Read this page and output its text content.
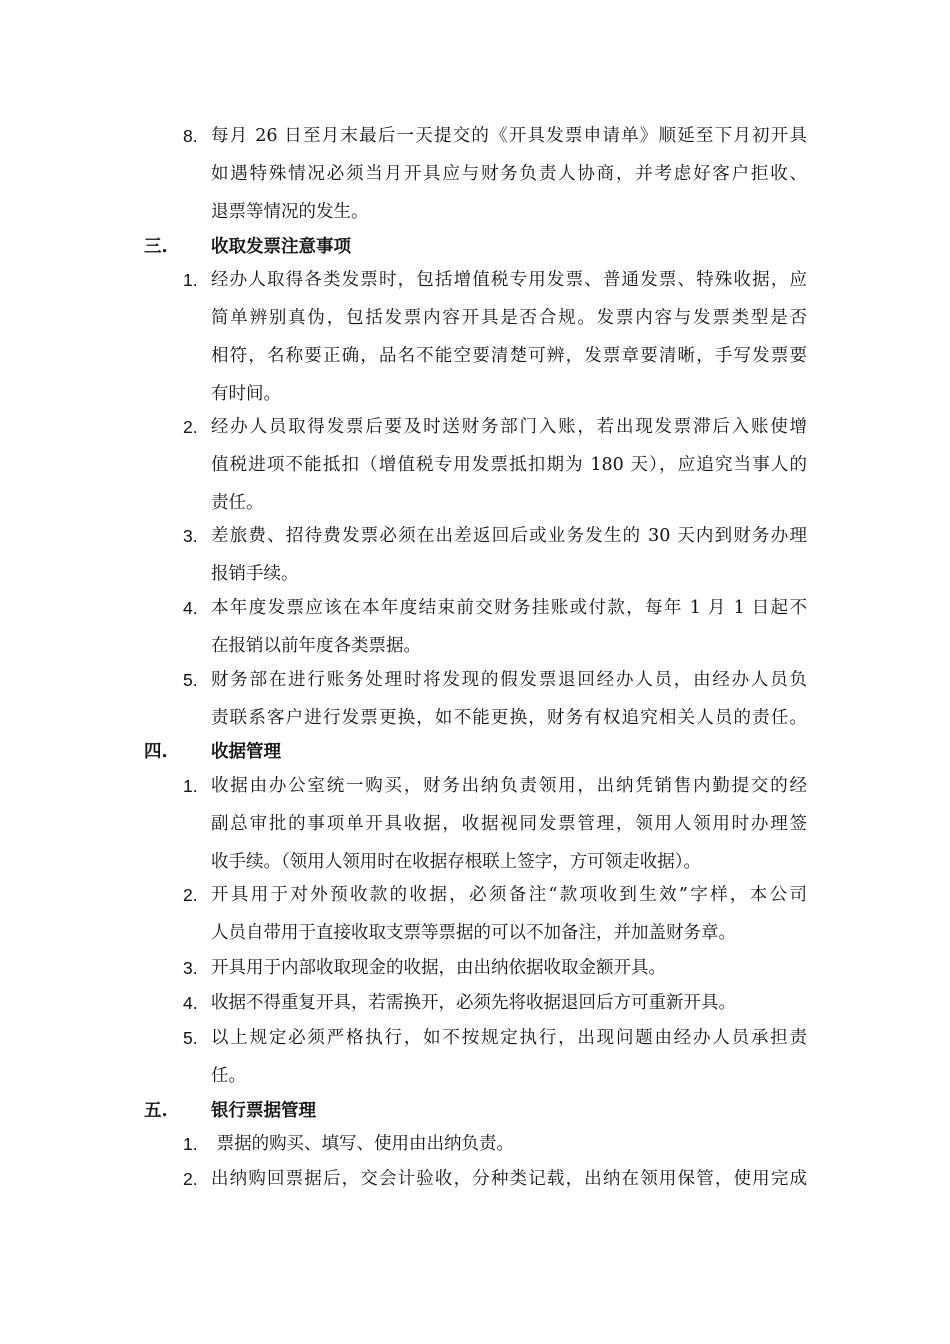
8. 每月 26 日至月末最后一天提交的《开具发票申请单》顺延至下月初开具
如遇特殊情况必须当月开具应与财务负责人协商，并考虑好客户拒收、
退票等情况的发生。
三. 收取发票注意事项
1. 经办人取得各类发票时，包括增值税专用发票、普通发票、特殊收据，应
简单辨别真伪，包括发票内容开具是否合规。发票内容与发票类型是否
相符，名称要正确，品名不能空要清楚可辨，发票章要清晰，手写发票要
有时间。
2. 经办人员取得发票后要及时送财务部门入账，若出现发票滞后入账使增
值税进项不能抵扣（增值税专用发票抵扣期为 180 天），应追究当事人的
责任。
3. 差旅费、招待费发票必须在出差返回后或业务发生的 30 天内到财务办理
报销手续。
4. 本年度发票应该在本年度结束前交财务挂账或付款，每年 1 月 1 日起不
在报销以前年度各类票据。
5. 财务部在进行账务处理时将发现的假发票退回经办人员，由经办人员负
责联系客户进行发票更换，如不能更换，财务有权追究相关人员的责任。
四. 收据管理
1. 收据由办公室统一购买，财务出纳负责领用，出纳凭销售内勤提交的经
副总审批的事项单开具收据，收据视同发票管理，领用人领用时办理签
收手续。（领用人领用时在收据存根联上签字，方可领走收据）。
2. 开具用于对外预收款的收据，必须备注“款项收到生效”字样，本公司
人员自带用于直接收取支票等票据的可以不加备注，并加盖财务章。
3. 开具用于内部收取现金的收据，由出纳依据收取金额开具。
4. 收据不得重复开具，若需换开，必须先将收据退回后方可重新开具。
5. 以上规定必须严格执行，如不按规定执行，出现问题由经办人员承担责
任。
五. 银行票据管理
1. 票据的购买、填写、使用由出纳负责。
2. 出纳购回票据后，交会计验收，分种类记载，出纳在领用保管，使用完成
